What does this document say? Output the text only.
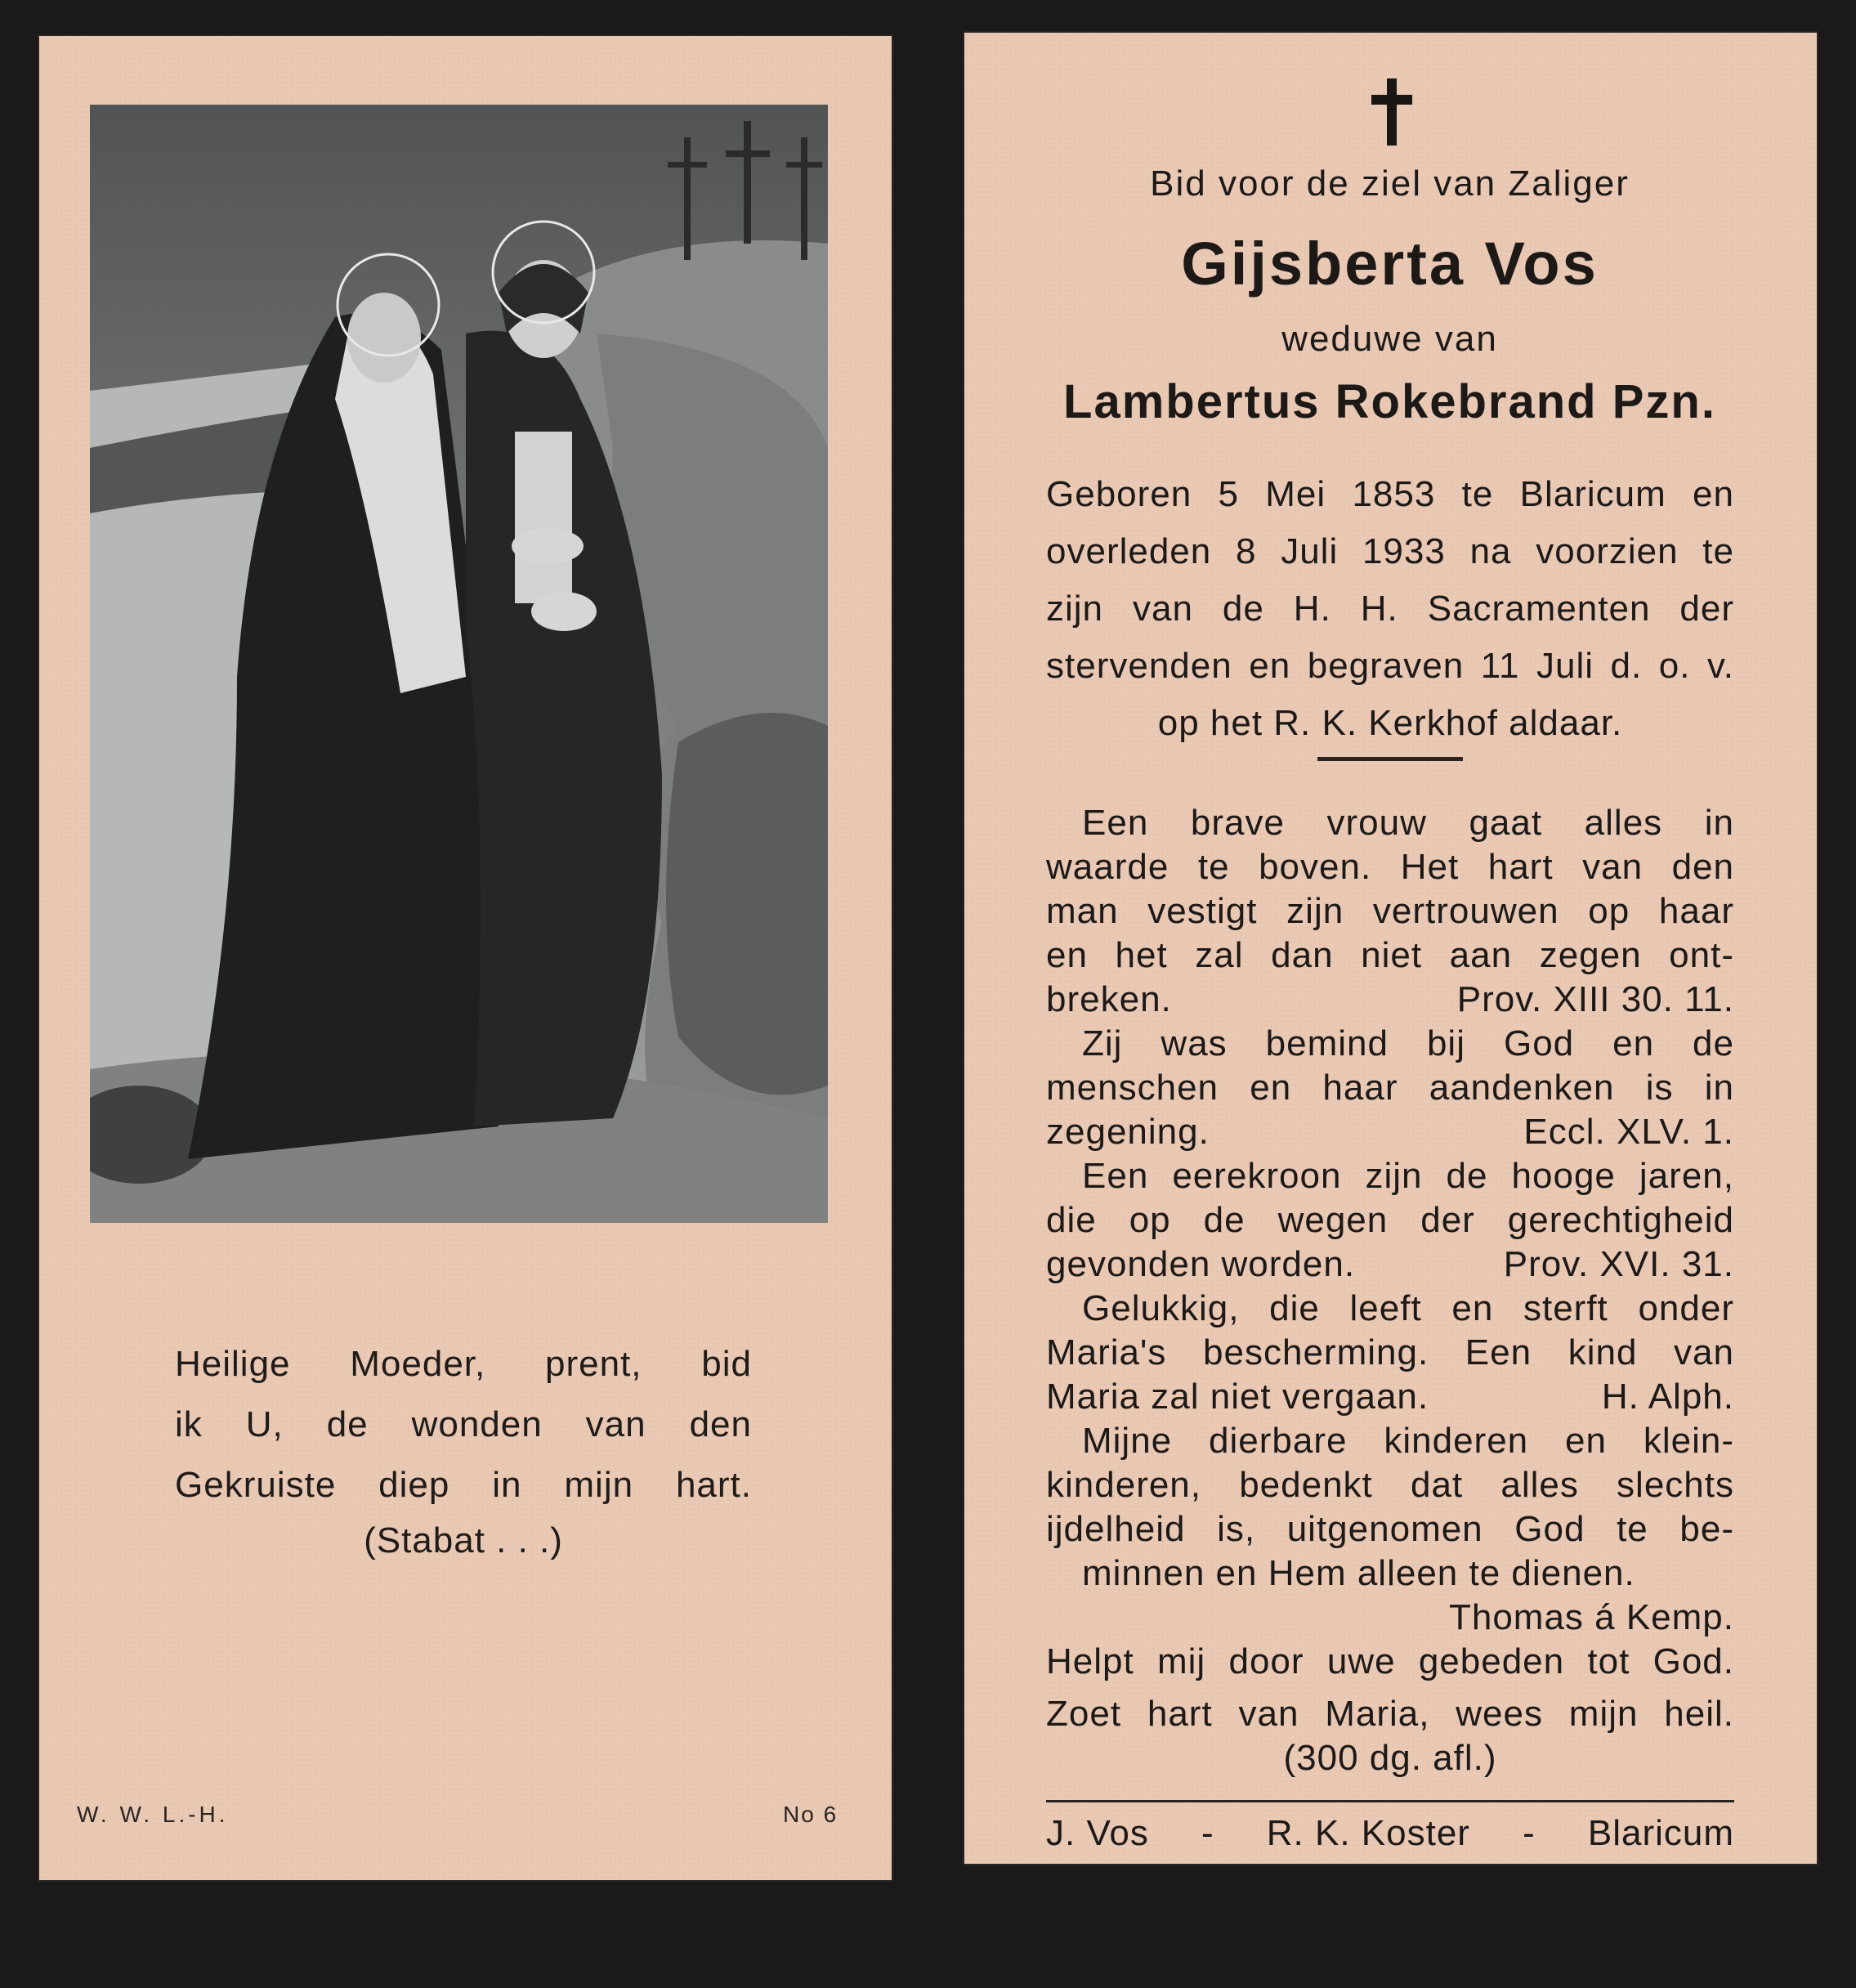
Heilige Moeder, prent, bid
ik U, de wonden van den
Gekruiste diep in mijn hart.
(Stabat . . .)
W. W. L.-H.	No 6
Bid voor de ziel van Zaliger
Gijsberta Vos
weduwe van
Lambertus Rokebrand Pzn.
Geboren 5 Mei 1853 te Blaricum en
overleden 8 Juli 1933 na voorzien te
zijn van de H. H. Sacramenten der
stervenden en begraven 11 Juli d. o. v.
op het R. K. Kerkhof aldaar.
Een brave vrouw gaat alles in
waarde te boven. Het hart van den
man vestigt zijn vertrouwen op haar
en het zal dan niet aan zegen ont-
breken.	Prov. XIII 30. 11.
Zij was bemind bij God en de
menschen en haar aandenken is in
zegening.	Eccl. XLV. 1.
Een eerekroon zijn de hooge jaren,
die op de wegen der gerechtigheid
gevonden worden.	Prov. XVI. 31.
Gelukkig, die leeft en sterft onder
Maria's bescherming. Een kind van
Maria zal niet vergaan.	H. Alph.
Mijne dierbare kinderen en klein-
kinderen, bedenkt dat alles slechts
ijdelheid is, uitgenomen God te be-
minnen en Hem alleen te dienen.
Thomas á Kemp.
Helpt mij door uwe gebeden tot God.
Zoet hart van Maria, wees mijn heil.
(300 dg. afl.)
J. Vos - R. K. Koster - Blaricum
